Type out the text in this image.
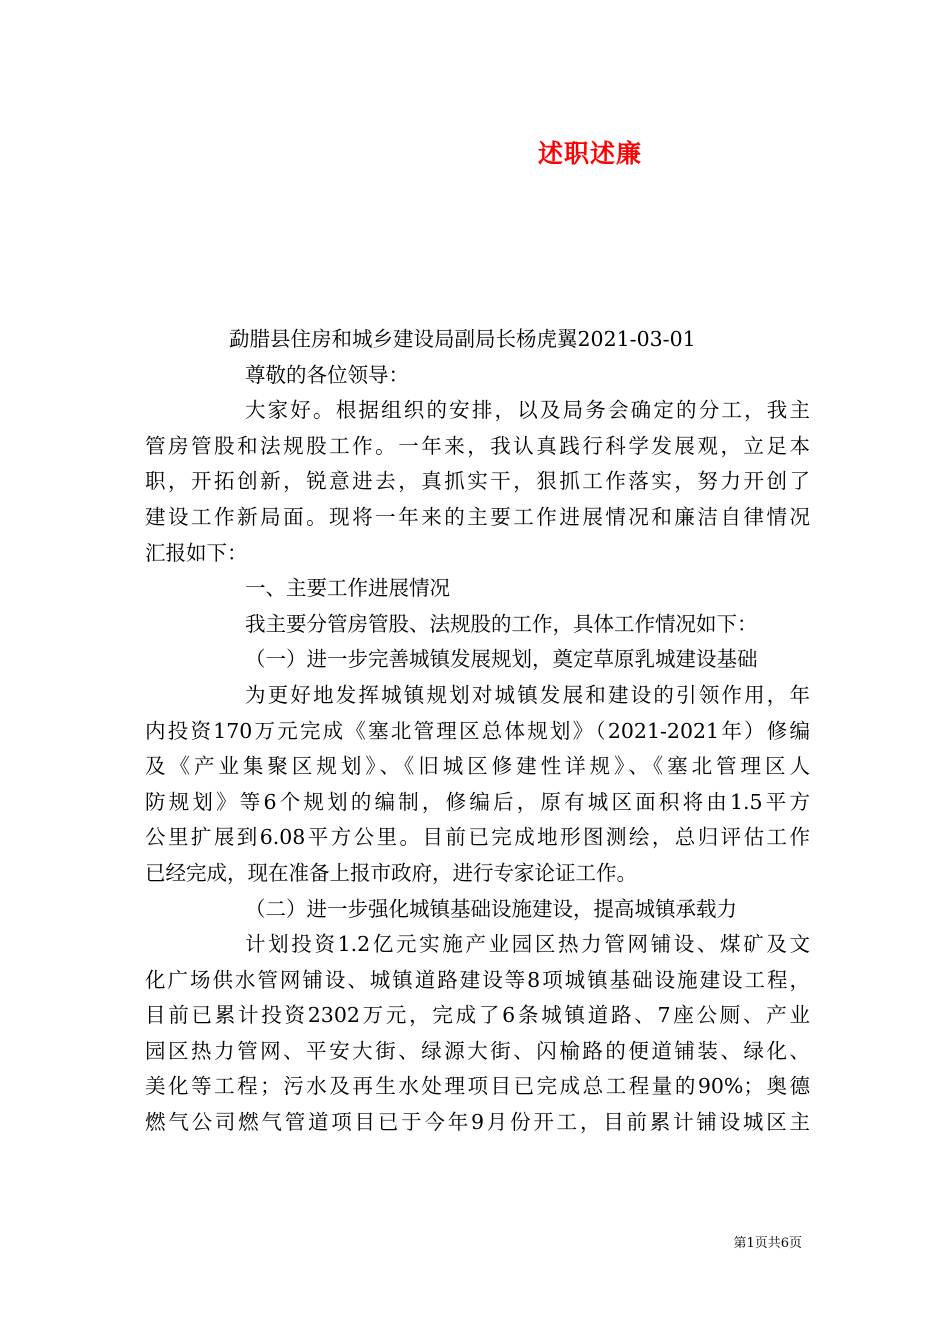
述职述廉
勐腊县住房和城乡建设局副局长杨虎翼2021-03-01
尊敬的各位领导：
大家好。根据组织的安排，以及局务会确定的分工，我主
管房管股和法规股工作。一年来，我认真践行科学发展观，立足本
职，开拓创新，锐意进去，真抓实干，狠抓工作落实，努力开创了
建设工作新局面。现将一年来的主要工作进展情况和廉洁自律情况
汇报如下：
一、主要工作进展情况
我主要分管房管股、法规股的工作，具体工作情况如下：
（一）进一步完善城镇发展规划，奠定草原乳城建设基础
为更好地发挥城镇规划对城镇发展和建设的引领作用，年
内投资170万元完成《塞北管理区总体规划》（2021-2021年）修编
及《产业集聚区规划》、《旧城区修建性详规》、《塞北管理区人
防规划》等6个规划的编制，修编后，原有城区面积将由1.5平方
公里扩展到6.08平方公里。目前已完成地形图测绘，总归评估工作
已经完成，现在准备上报市政府，进行专家论证工作。
（二）进一步强化城镇基础设施建设，提高城镇承载力
计划投资1.2亿元实施产业园区热力管网铺设、煤矿及文
化广场供水管网铺设、城镇道路建设等8项城镇基础设施建设工程，
目前已累计投资2302万元，完成了6条城镇道路、7座公厕、产业
园区热力管网、平安大街、绿源大街、闪榆路的便道铺装、绿化、
美化等工程；污水及再生水处理项目已完成总工程量的90%；奥德
燃气公司燃气管道项目已于今年9月份开工，目前累计铺设城区主
第1页共6页
